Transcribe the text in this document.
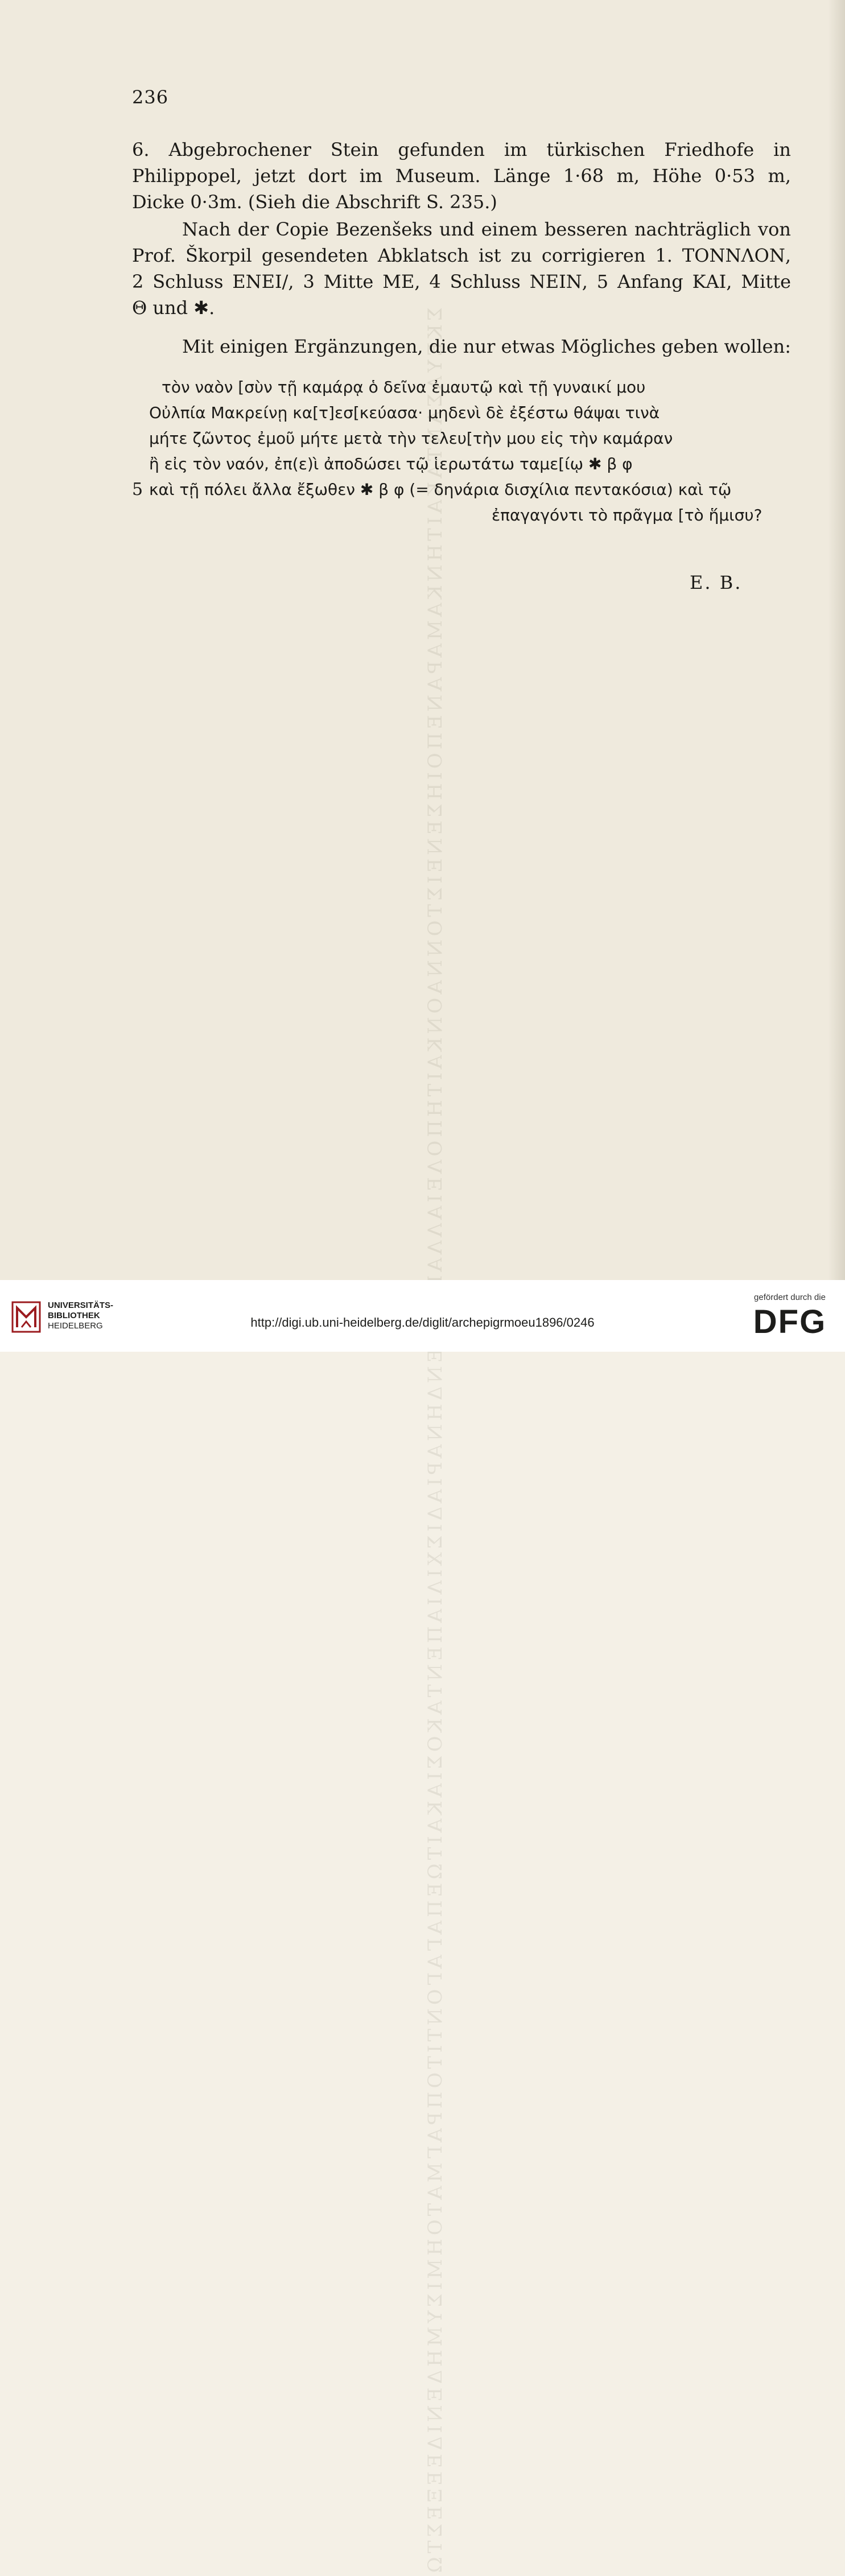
ΣΚΕΥΑΣΑΝΤΑΚΑΙΤΗΝΚΑΜΑΡΑΝΕΠΟΙΗΣΕΝΕΙΣΤΟΝΝΑΟΝΚΑΙΤΗΠΟΛΕΙΑΛΛΑΕΞΩΘΕΝΔΗΝΑΡΙΑΔΙΣΧΙΛΙΑΠΕΝΤΑΚΟΣΙΑΚΑΙΤΩΕΠΑΓΑΓΟΝΤΙΤΟΠΡΑΓΜΑΤΟΗΜΙΣΥΜΗΔΕΝΙΔΕΕΞΕΣΤΩ
236
6. Abgebrochener Stein gefunden im türkischen Friedhofe in
Philippopel, jetzt dort im Museum. Länge 1·68 m, Höhe 0·53 m,
Dicke 0·3m. (Sieh die Abschrift S. 235.)
Nach der Copie Bezenšeks und einem besseren nachträglich von
Prof. Škorpil gesendeten Abklatsch ist zu corrigieren 1. ΤΟΝΝΛΟΝ,
2 Schluss ΕΝΕΙ/, 3 Mitte ΜΕ, 4 Schluss ΝΕΙΝ, 5 Anfang ΚΑΙ, Mitte
Θ und ✱.
Mit einigen Ergänzungen, die nur etwas Mögliches geben wollen:
τὸν ναὸν [σὺν τῇ καμάρᾳ ὁ δεῖνα ἐμαυτῷ καὶ τῇ γυναικί μου
Οὐλπία Μακρείνῃ κα[τ]εσ[κεύασα· μηδενὶ δὲ ἐξέστω θάψαι τινὰ
μήτε ζῶντος ἐμοῦ μήτε μετὰ τὴν τελευ[τὴν μου εἰς τὴν καμάραν
ἢ εἰς τὸν ναόν, ἐπ(ε)ὶ ἀποδώσει τῷ ἱερωτάτω ταμε[ίῳ ✱ β φ
5 καὶ τῇ πόλει ἄλλα ἔξωθεν ✱ β φ (= δηνάρια δισχίλια πεντακόσια) καὶ τῷ
ἐπαγαγόντι τὸ πρᾶγμα [τὸ ἥμισυ?
E. B.
UNIVERSITÄTS-
BIBLIOTHEK
HEIDELBERG	http://digi.ub.uni-heidelberg.de/diglit/archepigrmoeu1896/0246
gefördert durch die
DFG
